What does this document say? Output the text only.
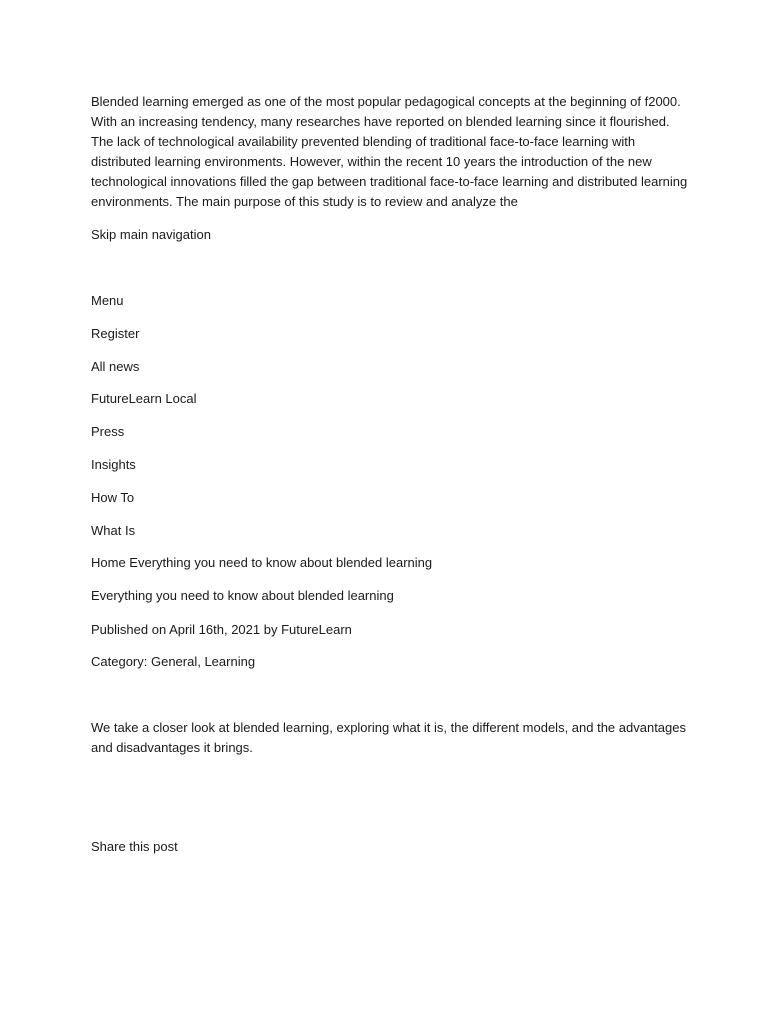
Blended learning emerged as one of the most popular pedagogical concepts at the beginning of f2000. With an increasing tendency, many researches have reported on blended learning since it flourished. The lack of technological availability prevented blending of traditional face-to-face learning with distributed learning environments. However, within the recent 10 years the introduction of the new technological innovations filled the gap between traditional face-to-face learning and distributed learning environments. The main purpose of this study is to review and analyze the

Skip main navigation

Menu

Register

All news

FutureLearn Local

Press

Insights

How To

What Is

Home Everything you need to know about blended learning

Everything you need to know about blended learning

Published on April 16th, 2021 by FutureLearn

Category: General, Learning

We take a closer look at blended learning, exploring what it is, the different models, and the advantages and disadvantages it brings.

Share this post
